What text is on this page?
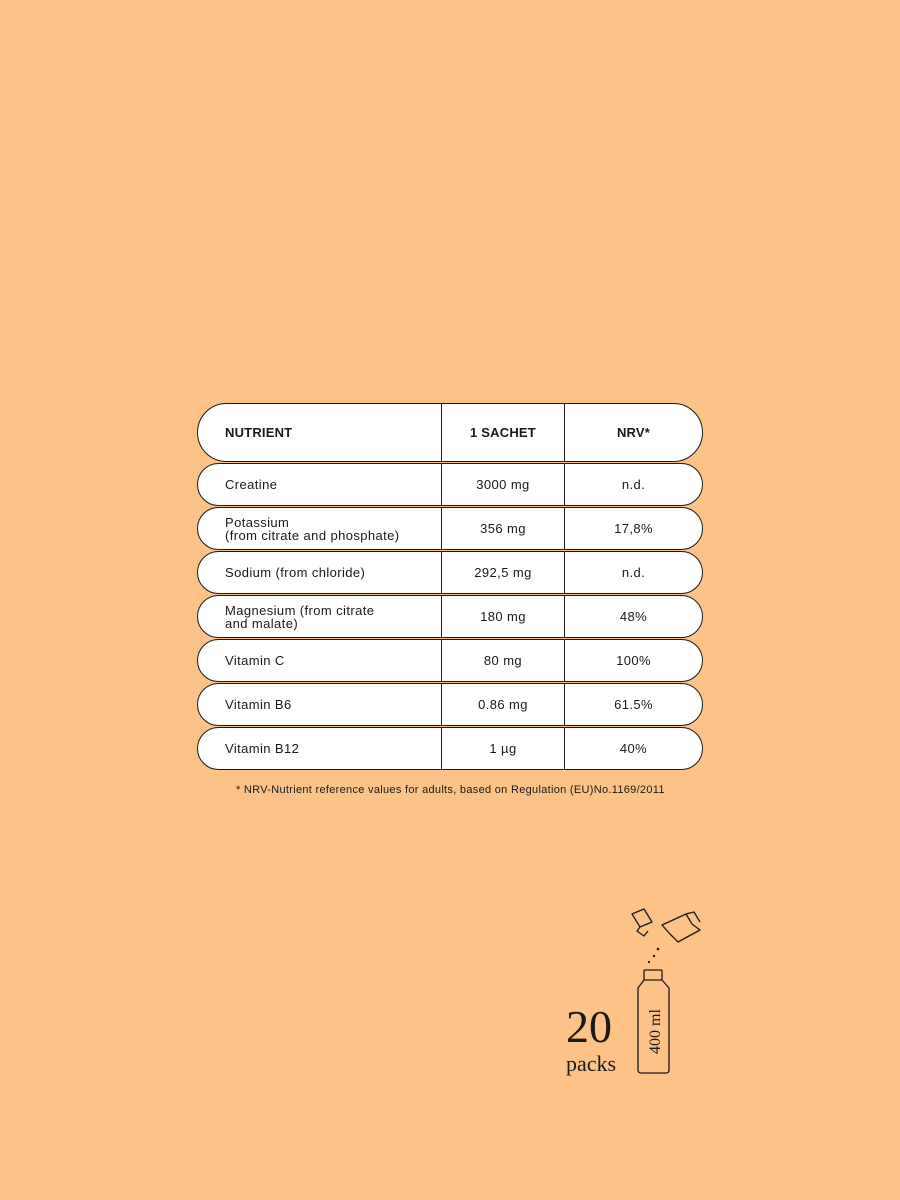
NUTRIENT	1 SACHET	NRV*
Creatine	3000 mg	n.d.
Potassium
(from citrate and phosphate)	356 mg	17,8%
Sodium (from chloride)	292,5 mg	n.d.
Magnesium (from citrate
and malate)	180 mg	48%
Vitamin C	80 mg	100%
Vitamin B6	0.86 mg	61.5%
Vitamin B12	1 µg	40%
* NRV-Nutrient reference values for adults, based on Regulation (EU)No.1169/2011
20
packs
400 ml
